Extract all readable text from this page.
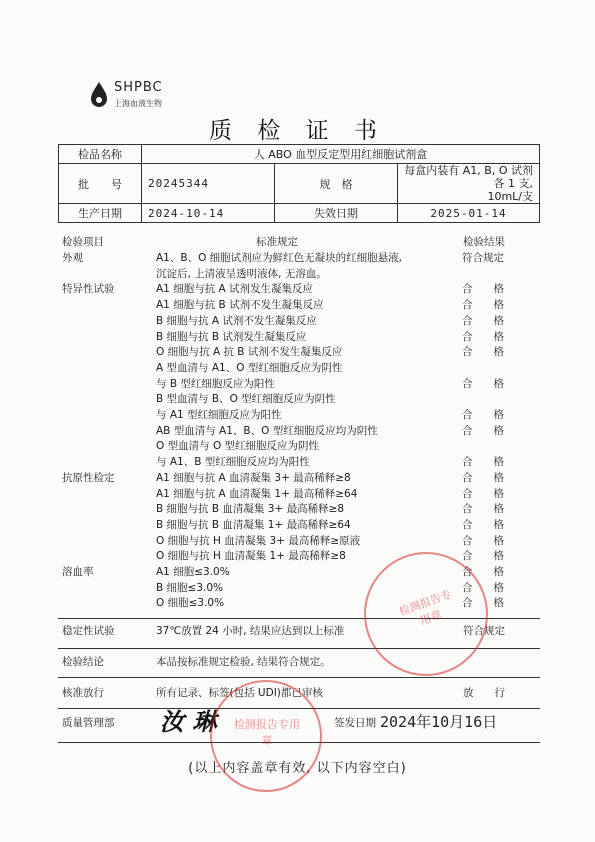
SHPBC
上海血液生物
质 检 证 书
检品名称	人 ABO 血型反定型用红细胞试剂盒		
批　　号	20245344	规　格	每盒内装有 A1, B, O 试剂各 1 支,
10mL/支

生产日期	2024-10-14	失效日期	2025-01-14
检验项目	标准规定	检验结果
外观	A1、B、O 细胞试剂应为鲜红色无凝块的红细胞悬液,	符合规定
沉淀后, 上清液呈透明液体, 无溶血。
特异性试验	A1 细胞与抗 A 试剂发生凝集反应	合　　格
A1 细胞与抗 B 试剂不发生凝集反应	合　　格
B 细胞与抗 A 试剂不发生凝集反应	合　　格
B 细胞与抗 B 试剂发生凝集反应	合　　格
O 细胞与抗 A 抗 B 试剂不发生凝集反应	合　　格
A 型血清与 A1、O 型红细胞反应为阴性
与 B 型红细胞反应为阳性	合　　格
B 型血清与 B、O 型红细胞反应为阴性
与 A1 型红细胞反应为阳性	合　　格
AB 型血清与 A1、B、O 型红细胞反应均为阴性	合　　格
O 型血清与 O 型红细胞反应为阴性
与 A1、B 型红细胞反应均为阳性	合　　格
抗原性检定	A1 细胞与抗 A 血清凝集 3+ 最高稀释≥8	合　　格
A1 细胞与抗 A 血清凝集 1+ 最高稀释≥64	合　　格
B 细胞与抗 B 血清凝集 3+ 最高稀释≥8	合　　格
B 细胞与抗 B 血清凝集 1+ 最高稀释≥64	合　　格
O 细胞与抗 H 血清凝集 3+ 最高稀释≥原液	合　　格
O 细胞与抗 H 血清凝集 1+ 最高稀释≥8	合　　格
溶血率	A1 细胞≤3.0%	合　　格
B 细胞≤3.0%	合　　格
O 细胞≤3.0%	合　　格
稳定性试验	37℃放置 24 小时, 结果应达到以上标准	符合规定
检验结论	本品按标准规定检验, 结果符合规定。
核准放行	所有记录、标签(包括 UDI)都已审核	放　　行
质量管理部 汝 琳	签发日期 2024年10月16日
(以上内容盖章有效, 以下内容空白)
检测报告专用章
检测报告专用章
